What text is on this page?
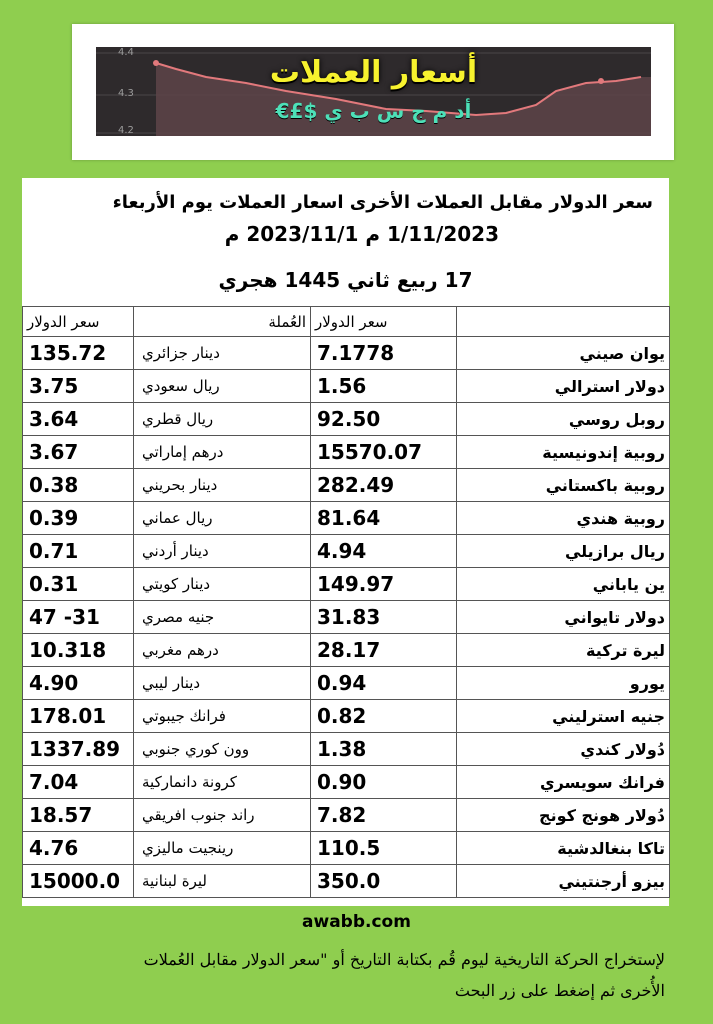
4.4
4.3
4.2
أسعار العملات
€£$ أد م ج س ب ي
سعر الدولار مقابل العملات الأخرى اسعار العملات يوم الأربعاء
1/11/2023 م 2023/11/1 م
17 ربيع ثاني 1445 هجري
	سعر الدولار	العُملة	سعر الدولار
يوان صيني	7.1778	دينار جزائري	135.72
دولار استرالي	1.56	ريال سعودي	3.75
روبل روسي	92.50	ريال قطري	3.64
روبية إندونيسية	15570.07	درهم إماراتي	3.67
روبية باكستاني	282.49	دينار بحريني	0.38
روبية هندي	81.64	ريال عماني	0.39
ريال برازيلي	4.94	دينار أردني	0.71
ين ياباني	149.97	دينار كويتي	0.31
دولار تايواني	31.83	جنيه مصري	31- 47
ليرة تركية	28.17	درهم مغربي	10.318
يورو	0.94	دينار ليبي	4.90
جنيه استرليني	0.82	فرانك جيبوتي	178.01
دُولار كندي	1.38	وون كوري جنوبي	1337.89
فرانك سويسري	0.90	كرونة دانماركية	7.04
دُولار هونج كونج	7.82	راند جنوب افريقي	18.57
تاكا بنغالدشية	110.5	رينجيت ماليزي	4.76
بيزو أرجنتيني	350.0	ليرة لبنانية	15000.0
awabb.com
لإستخراج الحركة التاريخية ليوم قُم بكتابة التاريخ أو "سعر الدولار مقابل العُملات الأُخرى ثم إضغط على زر البحث
